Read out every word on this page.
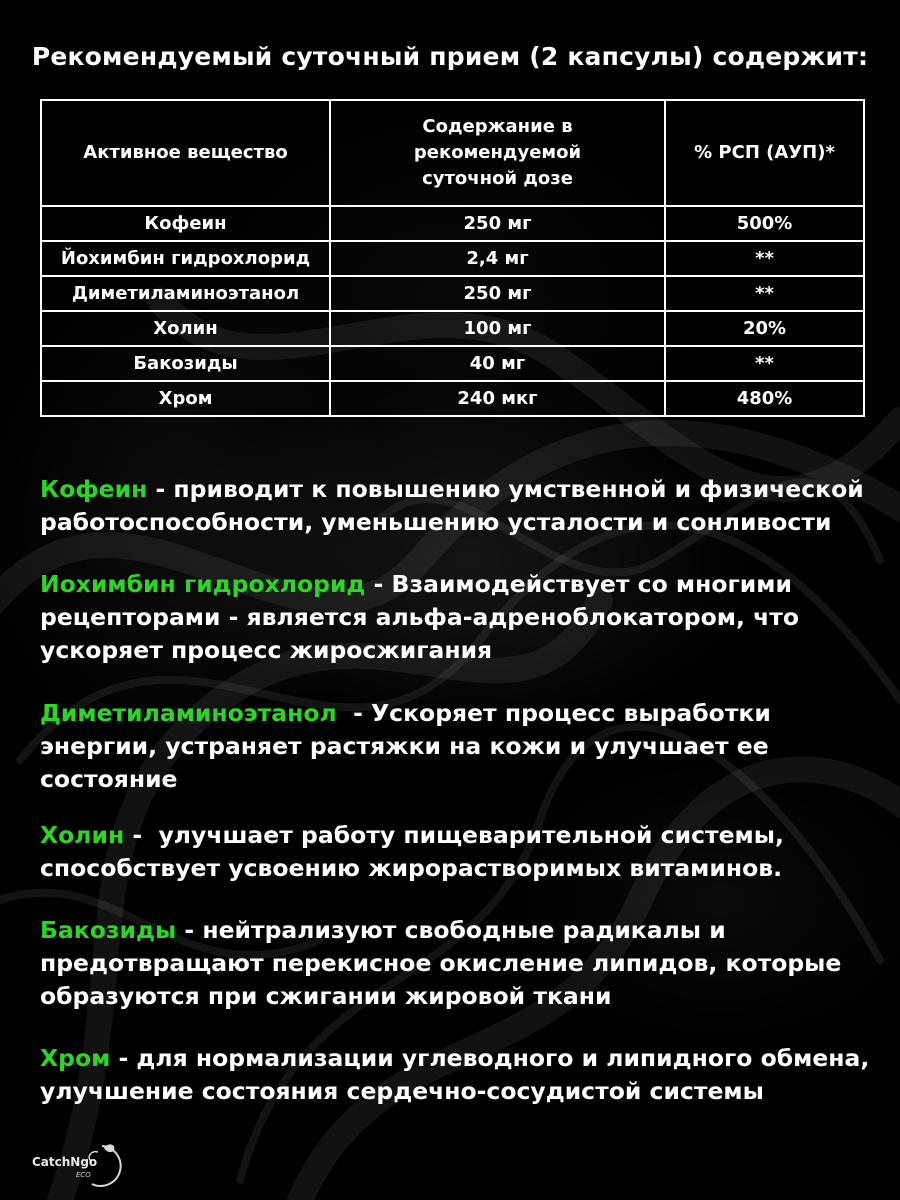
Рекомендуемый суточный прием (2 капсулы) содержит:
Активное вещество	Содержание в рекомендуемой суточной дозе	% РСП (АУП)*
Кофеин	250 мг	500%
Йохимбин гидрохлорид	2,4 мг	**
Диметиламиноэтанол	250 мг	**
Холин	100 мг	20%
Бакозиды	40 мг	**
Хром	240 мкг	480%
Кофеин - приводит к повышению умственной и физической работоспособности, уменьшению усталости и сонливости
Иохимбин гидрохлорид - Взаимодействует со многими рецепторами - является альфа-адреноблокатором, что ускоряет процесс жиросжигания
Диметиламиноэтанол  - Ускоряет процесс выработки энергии, устраняет растяжки на кожи и улучшает ее состояние
Холин -  улучшает работу пищеварительной системы, способствует усвоению жирорастворимых витаминов.
Бакозиды - нейтрализуют свободные радикалы и предотвращают перекисное окисление липидов, которые образуются при сжигании жировой ткани
Хром - для нормализации углеводного и липидного обмена, улучшение состояния сердечно-сосудистой системы
CatchNgo
ECO
